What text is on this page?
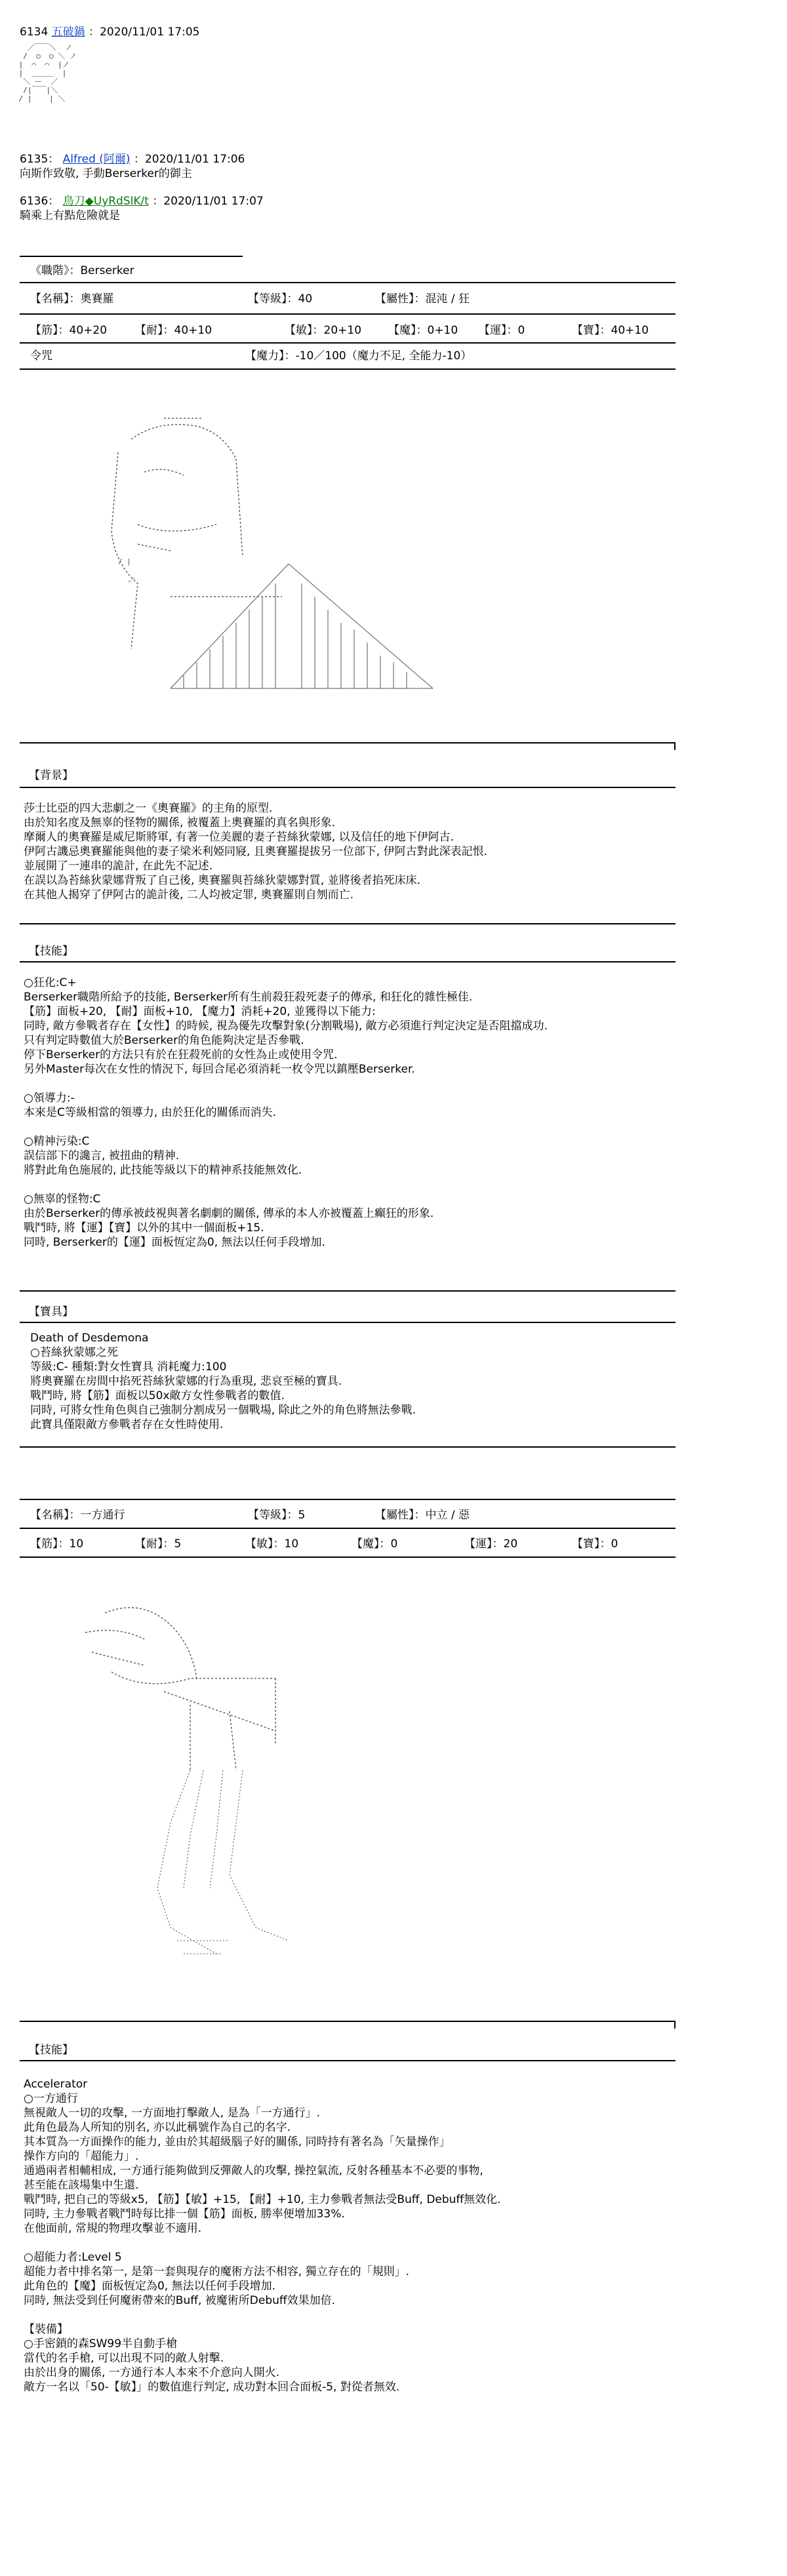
6134 五破鍋 ：2020/11/01 17:05
／￣￣＼  ノ
/  ○  ○ ＼ ノ
|  ⌒  ⌒  |ノ
|  ＿＿＿  |
＼ ー  ／
/|￣￣|＼
/ |    | ＼
6135： Alfred (阿爾) ：2020/11/01 17:06
向斯作致敬, 手動Berserker的御主
6136： 鳥刀◆UyRdSlK/t ：2020/11/01 17:07
騎乘上有點危險就是
《職階》：Berserker
【名稱】：奧賽羅	【等級】：40	【屬性】：混沌 / 狂
【筋】：40+20	【耐】：40+10	【敏】：20+10 【魔】：0+10 【運】：0	【寶】：40+10
令咒	【魔力】：-10／100（魔力不足, 全能力-10）
/ |
ｰ'ﾞ
【背景】
莎士比亞的四大悲劇之一《奧賽羅》的主角的原型.
由於知名度及無辜的怪物的關係, 被覆蓋上奧賽羅的真名與形象.
摩爾人的奧賽羅是威尼斯將軍, 有著一位美麗的妻子苔絲狄蒙娜, 以及信任的地下伊阿古.
伊阿古譏忌奧賽羅能與他的妻子梁米利婭同寢, 且奧賽羅提拔另一位部下, 伊阿古對此深表記恨.
並展開了一連串的詭計, 在此先不記述.
在誤以為苔絲狄蒙娜背叛了自己後, 奧賽羅與苔絲狄蒙娜對質, 並將後者掐死床床.
在其他人揭穿了伊阿古的詭計後, 二人均被定罪, 奧賽羅則自刎而亡.
【技能】
○狂化:C+
Berserker職階所給予的技能, Berserker所有生前殺狂殺死妻子的傳承, 和狂化的雜性極佳.
【筋】面板+20, 【耐】面板+10, 【魔力】消耗+20, 並獲得以下能力:
同時, 敵方參戰者存在【女性】的時候, 視為優先攻擊對象(分割戰場), 敵方必須進行判定決定是否阻擋成功.
只有判定時數值大於Berserker的角色能夠決定是否參戰.
停下Berserker的方法只有於在狂殺死前的女性為止或使用令咒.
另外Master每次在女性的情況下, 每回合尾必須消耗一枚令咒以鎮壓Berserker.

○領導力:-
本來是C等級相當的領導力, 由於狂化的關係而消失.

○精神污染:C
誤信部下的讒言, 被扭曲的精神.
將對此角色施展的, 此技能等級以下的精神系技能無效化.

○無辜的怪物:C
由於Berserker的傳承被歧視與著名劇劇的關係, 傳承的本人亦被覆蓋上癲狂的形象.
戰鬥時, 將【運】【寶】以外的其中一個面板+15.
同時, Berserker的【運】面板恆定為0, 無法以任何手段增加.
【寶具】
Death of Desdemona
○苔絲狄蒙娜之死
等級:C- 種類:對女性寶具 消耗魔力:100
將奧賽羅在房間中掐死苔絲狄蒙娜的行為重現, 悲哀至極的寶具.
戰鬥時, 將【筋】面板以50x敵方女性參戰者的數值.
同時, 可將女性角色與自己強制分割成另一個戰場, 除此之外的角色將無法參戰.
此寶具僅限敵方參戰者存在女性時使用.
【名稱】：一方通行	【等級】：5	【屬性】：中立 / 惡
【筋】：10	【耐】：5	【敏】：10	【魔】：0	【運】：20	【寶】：0
【技能】
Accelerator
○一方通行
無視敵人一切的攻擊, 一方面地打擊敵人, 是為「一方通行」.
此角色最為人所知的別名, 亦以此稱號作為自己的名字.
其本質為一方面操作的能力, 並由於其超級腦子好的關係, 同時持有著名為「矢量操作」
操作方向的「超能力」.
通過兩者相輔相成, 一方通行能夠做到反彈敵人的攻擊, 操控氣流, 反射各種基本不必要的事物,
甚至能在該場集中生還.
戰鬥時, 把自己的等級x5, 【筋】【敏】+15, 【耐】+10, 主力參戰者無法受Buff, Debuff無效化.
同時, 主力參戰者戰鬥時每比排一個【筋】面板, 勝率便增加33%.
在他面前, 常規的物理攻擊並不適用.

○超能力者:Level 5
超能力者中排名第一, 是第一套與現存的魔術方法不相容, 獨立存在的「規則」.
此角色的【魔】面板恆定為0, 無法以任何手段增加.
同時, 無法受到任何魔術帶來的Buff, 被魔術所Debuff效果加倍.

【裝備】
○手密鎖的森SW99半自動手槍
當代的名手槍, 可以出現不同的敵人射擊.
由於出身的關係, 一方通行本人本來不介意向人開火.
敵方一名以「50-【敏】」的數值進行判定, 成功對本回合面板-5, 對從者無效.
